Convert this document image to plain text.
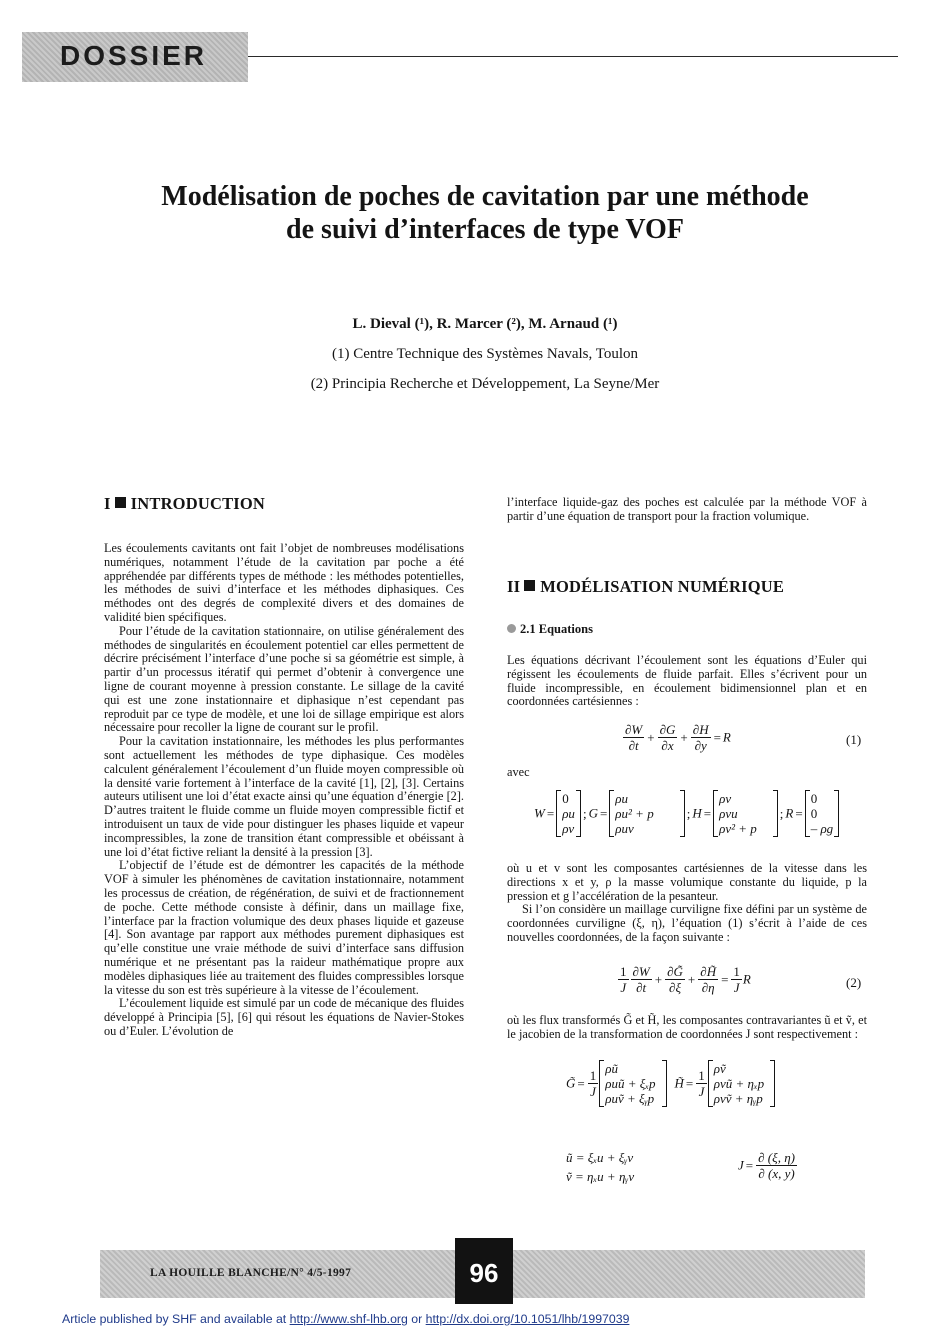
DOSSIER
Modélisation de poches de cavitation par une méthode
de suivi d’interfaces de type VOF
L. Dieval (¹), R. Marcer (²), M. Arnaud (¹)
(1) Centre Technique des Systèmes Navals, Toulon
(2) Principia Recherche et Développement, La Seyne/Mer
I INTRODUCTION

Les écoulements cavitants ont fait l’objet de nombreuses modélisations numériques, notamment l’étude de la cavitation par poche a été appréhendée par différents types de méthode : les méthodes potentielles, les méthodes de suivi d’interface et les méthodes diphasiques. Ces méthodes ont des degrés de complexité divers et des domaines de validité bien spécifiques.

Pour l’étude de la cavitation stationnaire, on utilise généralement des méthodes de singularités en écoulement potentiel car elles permettent de décrire précisément l’interface d’une poche si sa géométrie est simple, à partir d’un processus itératif qui permet d’obtenir à convergence une ligne de courant moyenne à pression constante. Le sillage de la cavité qui est une zone instationnaire et diphasique n’est cependant pas reproduit par ce type de modèle, et une loi de sillage empirique est alors nécessaire pour recoller la ligne de courant sur le profil.

Pour la cavitation instationnaire, les méthodes les plus performantes sont actuellement les méthodes de type diphasique. Ces modèles calculent généralement l’écoulement d’un fluide moyen compressible où la densité varie fortement à l’interface de la cavité [1], [2], [3]. Certains auteurs utilisent une loi d’état exacte ainsi qu’une équation d’énergie [2]. D’autres traitent le fluide comme un fluide moyen compressible fictif et introduisent un taux de vide pour distinguer les phases liquide et vapeur incompressibles, la zone de transition étant compressible et obéissant à une loi d’état fictive reliant la densité à la pression [3].

L’objectif de l’étude est de démontrer les capacités de la méthode VOF à simuler les phénomènes de cavitation instationnaire, notamment les processus de création, de régénération, de suivi et de fractionnement de poche. Cette méthode consiste à définir, dans un maillage fixe, l’interface par la fraction volumique des deux phases liquide et gazeuse [4]. Son avantage par rapport aux méthodes purement diphasiques est qu’elle constitue une vraie méthode de suivi d’interface sans diffusion numérique et ne présentant pas la raideur mathématique propre aux modèles diphasiques liée au traitement des fluides compressibles lorsque la vitesse du son est très supérieure à la vitesse de l’écoulement.

L’écoulement liquide est simulé par un code de mécanique des fluides développé à Principia [5], [6] qui résout les équations de Navier-Stokes ou d’Euler. L’évolution de

l’interface liquide-gaz des poches est calculée par la méthode VOF à partir d’une équation de transport pour la fraction volumique.

II MODÉLISATION NUMÉRIQUE
2.1 Equations

Les équations décrivant l’écoulement sont les équations d’Euler qui régissent les écoulements de fluide parfait. Elles s’écrivent pour un fluide incompressible, en écoulement bidimensionnel plan et en coordonnées cartésiennes :

$\frac{\partial W}{\partial t} + \frac{\partial G}{\partial x} + \frac{\partial H}{\partial y} = R$	(1)
avec
W =
0
ρu
ρv
; G =
ρu
ρu² + p
ρuv
; H =
ρv
ρvu
ρv² + p
; R =
0
0
– ρg

où u et v sont les composantes cartésiennes de la vitesse dans les directions x et y, ρ la masse volumique constante du liquide, p la pression et g l’accélération de la pesanteur.

Si l’on considère un maillage curviligne fixe défini par un système de coordonnées curviligne (ξ, η), l’équation (1) s’écrit à l’aide de ces nouvelles coordonnées, de la façon suivante :

$\frac{1}{J} \frac{\partial W}{\partial t} + \frac{\partial G̃}{\partial\xi} + \frac{\partial H̃}{\partial\eta} = \frac{1}{J}$ R	(2)

où les flux transformés G̃ et H̃, les composantes contravariantes ũ et ṽ, et le jacobien de la transformation de coordonnées J sont respectivement :

G̃ = $\frac{1}{J}$ ρũ
ρuũ + ξₓp
ρuṽ + ξᵧp
H̃ = $\frac{1}{J}$ ρṽ
ρvũ + ηₓp
ρvṽ + ηᵧp
ũ = ξₓu + ξᵧv
ṽ = ηₓu + ηᵧv
$J = \frac{\partial (\xi, \eta)}{\partial (x, y)}$
LA HOUILLE BLANCHE/N° 4/5-1997	96
Article published by SHF and available at http://www.shf-lhb.org or http://dx.doi.org/10.1051/lhb/1997039
